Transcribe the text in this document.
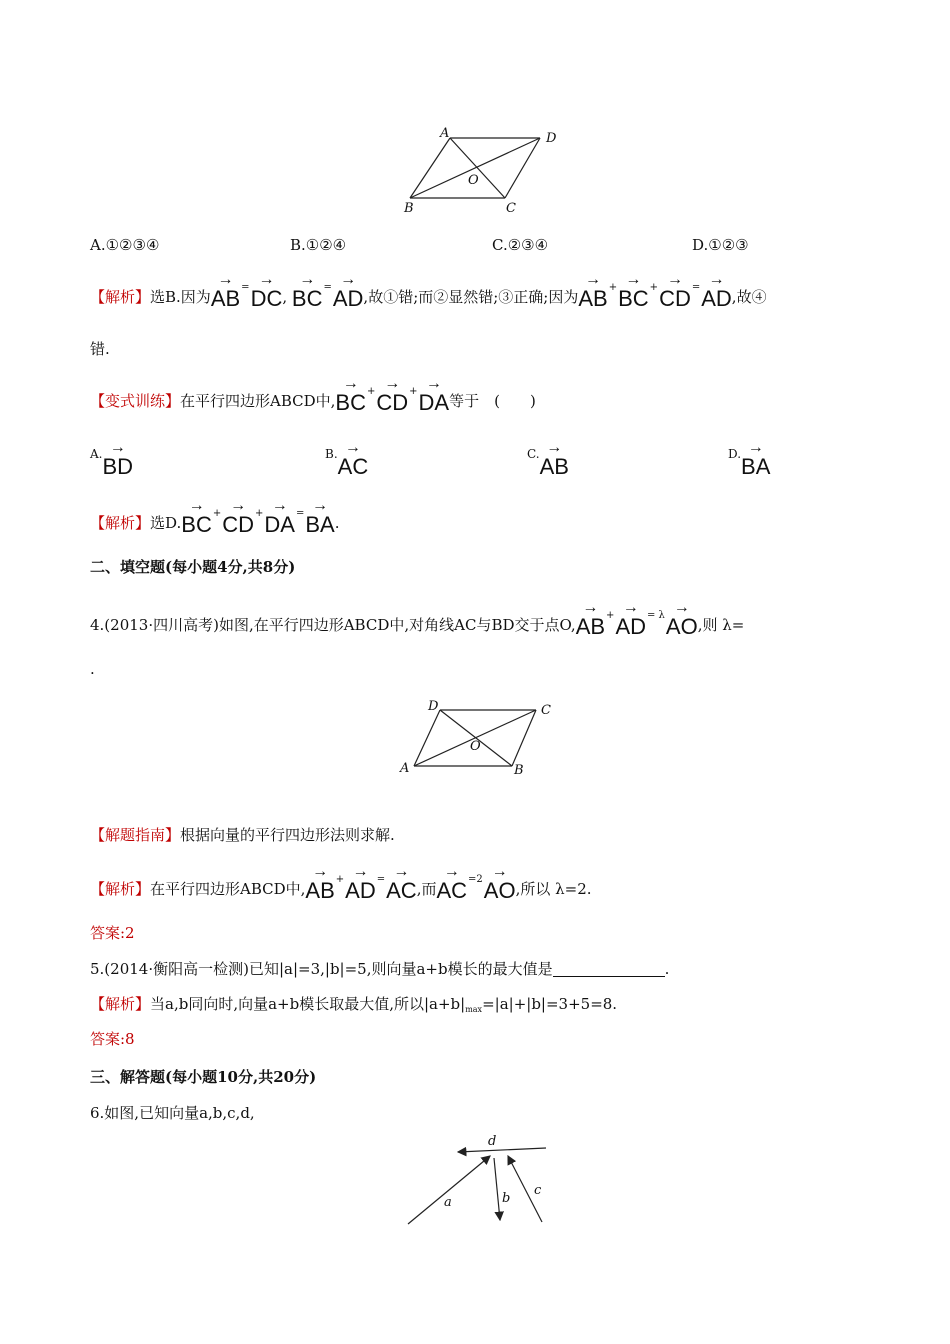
A	D
B	C
O
A.①②③④	B.①②④	C.②③④	D.①②③
【解析】选B.因为→ AB=→ DC, → BC=→ AD,故①错;而②显然错;③正确;因为→ AB+→ BC+→ CD=→ AD,故④
错.
【变式训练】在平行四边形ABCD中,→ BC+→ CD+→ DA等于　(　　)
$^{A.}$→ BD	$^{B.}$→ AC	$^{C.}$→ AB	$^{D.}$→ BA
【解析】选D.→ BC+→ CD+→ DA=→ BA.
二、填空题(每小题4分,共8分)
4.(2013·四川高考)如图,在平行四边形ABCD中,对角线AC与BD交于点$O,\to AB^+\to AD^{= \lambda}\to$ AO,则 λ=
.
D	C
A	B
O
【解题指南】根据向量的平行四边形法则求解.
【解析】在平行四边形ABCD中,→ AB+→ AD=→ AC,而→ $AC^{=2}\to$ AO,所以 λ=2.
答案:2
5.(2014·衡阳高一检测)已知|a|=3,|b|=5,则向量a+b模长的最大值是	.
【解析】当a,b同向时,向量a+b模长取最大值,所以$|a+b|_{max}=|a|+|b|=3+5=8$.
答案:8
三、解答题(每小题10分,共20分)
6.如图,已知向量a,b,c,d,
d
a	b
c
